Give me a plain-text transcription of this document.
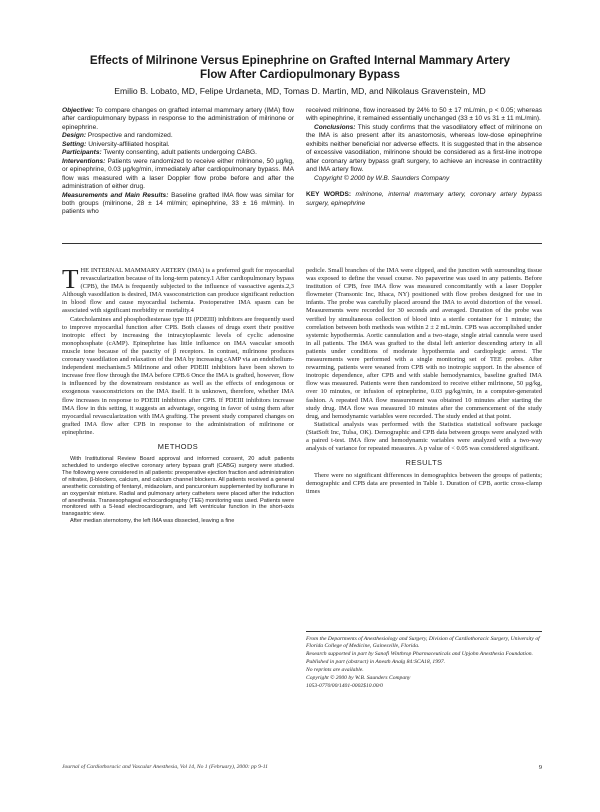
Effects of Milrinone Versus Epinephrine on Grafted Internal Mammary Artery
Flow After Cardiopulmonary Bypass
Emilio B. Lobato, MD, Felipe Urdaneta, MD, Tomas D. Martin, MD, and Nikolaus Gravenstein, MD

Objective: To compare changes on grafted internal mammary artery (IMA) flow after cardiopulmonary bypass in response to the administration of milrinone or epinephrine.

Design: Prospective and randomized.

Setting: University-affiliated hospital.

Participants: Twenty consenting, adult patients undergoing CABG.

Interventions: Patients were randomized to receive either milrinone, 50 µg/kg, or epinephrine, 0.03 µg/kg/min, immediately after cardiopulmonary bypass. IMA flow was measured with a laser Doppler flow probe before and after the administration of either drug.

Measurements and Main Results: Baseline grafted IMA flow was similar for both groups (milrinone, 28 ± 14 ml/min; epinephrine, 33 ± 16 ml/min). In patients who

received milrinone, flow increased by 24% to 50 ± 17 mL/min, p < 0.05; whereas with epinephrine, it remained essentially unchanged (33 ± 10 vs 31 ± 11 mL/min).

Conclusions: This study confirms that the vasodilatory effect of milrinone on the IMA is also present after its anastomosis, whereas low-dose epinephrine exhibits neither beneficial nor adverse effects. It is suggested that in the absence of excessive vasodilation, milrinone should be considered as a first-line inotrope after coronary artery bypass graft surgery, to achieve an increase in contractility and IMA artery flow.

Copyright © 2000 by W.B. Saunders Company

KEY WORDS: milrinone, internal mammary artery, coronary artery bypass surgery, epinephrine

THE INTERNAL MAMMARY ARTERY (IMA) is a preferred graft for myocardial revascularization because of its long-term patency.1 After cardiopulmonary bypass (CPB), the IMA is frequently subjected to the influence of vasoactive agents.2,3 Although vasodilation is desired, IMA vasoconstriction can produce significant reduction in blood flow and cause myocardial ischemia. Postoperative IMA spasm can be associated with significant morbidity or mortality.4

Catecholamines and phosphodiesterase type III (PDEIII) inhibitors are frequently used to improve myocardial function after CPB. Both classes of drugs exert their positive inotropic effect by increasing the intracytoplasmic levels of cyclic adenosine monophosphate (cAMP). Epinephrine has little influence on IMA vascular smooth muscle tone because of the paucity of β receptors. In contrast, milrinone produces coronary vasodilation and relaxation of the IMA by increasing cAMP via an endothelium-independent mechanism.5 Milrinone and other PDEIII inhibitors have been shown to increase free flow through the IMA before CPB.6 Once the IMA is grafted, however, flow is influenced by the downstream resistance as well as the effects of endogenous or exogenous vasoconstrictors on the IMA itself. It is unknown, therefore, whether IMA flow increases in response to PDEIII inhibitors after CPB. If PDEIII inhibitors increase IMA flow in this setting, it suggests an advantage, ongoing in favor of using them after myocardial revascularization with IMA grafting. The present study compared changes on grafted IMA flow after CPB in response to the administration of milrinone or epinephrine.

METHODS

With Institutional Review Board approval and informed consent, 20 adult patients scheduled to undergo elective coronary artery bypass graft (CABG) surgery were studied. The following were considered in all patients: preoperative ejection fraction and administration of nitrates, β-blockers, calcium, and calcium channel blockers. All patients received a general anesthetic consisting of fentanyl, midazolam, and pancuronium supplemented by isoflurane in an oxygen/air mixture. Radial and pulmonary artery catheters were placed after the induction of anesthesia. Transesophageal echocardiography (TEE) monitoring was used. Patients were monitored with a 5-lead electrocardiogram, and left ventricular function in the short-axis transgastric view.

After median sternotomy, the left IMA was dissected, leaving a fine

pedicle. Small branches of the IMA were clipped, and the junction with surrounding tissue was exposed to define the vessel course. No papaverine was used in any patients. Before institution of CPB, free IMA flow was measured concomitantly with a laser Doppler flowmeter (Transonic Inc, Ithaca, NY) positioned with flow probes designed for use in infants. The probe was carefully placed around the IMA to avoid distortion of the vessel. Measurements were recorded for 30 seconds and averaged. Duration of the probe was verified by simultaneous collection of blood into a sterile container for 1 minute; the correlation between both methods was within 2 ± 2 mL/min. CPB was accomplished under systemic hypothermia. Aortic cannulation and a two-stage, single atrial cannula were used in all patients. The IMA was grafted to the distal left anterior descending artery in all patients under conditions of moderate hypothermia and cardioplegic arrest. The measurements were performed with a single monitoring set of TEE probes. After rewarming, patients were weaned from CPB with no inotropic support. In the absence of inotropic dependence, after CPB and with stable hemodynamics, baseline grafted IMA flow was measured. Patients were then randomized to receive either milrinone, 50 µg/kg, over 10 minutes, or infusion of epinephrine, 0.03 µg/kg/min, in a computer-generated fashion. A repeated IMA flow measurement was obtained 10 minutes after starting the study drug. IMA flow was measured 10 minutes after the commencement of the study drug, and hemodynamic variables were recorded. The study ended at that point.

Statistical analysis was performed with the Statistica statistical software package (StatSoft Inc, Tulsa, OK). Demographic and CPB data between groups were analyzed with a paired t-test. IMA flow and hemodynamic variables were analyzed with a two-way analysis of variance for repeated measures. A p value of < 0.05 was considered significant.

RESULTS

There were no significant differences in demographics between the groups of patients; demographic and CPB data are presented in Table 1. Duration of CPB, aortic cross-clamp times

From the Departments of Anesthesiology and Surgery, Division of Cardiothoracic Surgery, University of Florida College of Medicine, Gainesville, Florida.

Research supported in part by Sanofi Winthrop Pharmaceuticals and Upjohn Anesthesia Foundation.

Published in part (abstract) in Anesth Analg 84:SCA18, 1997.

No reprints are available.

Copyright © 2000 by W.B. Saunders Company

1053-0770/00/1401-0002$10.00/0

Journal of Cardiothoracic and Vascular Anesthesia, Vol 14, No 1 (February), 2000: pp 9-11	9
